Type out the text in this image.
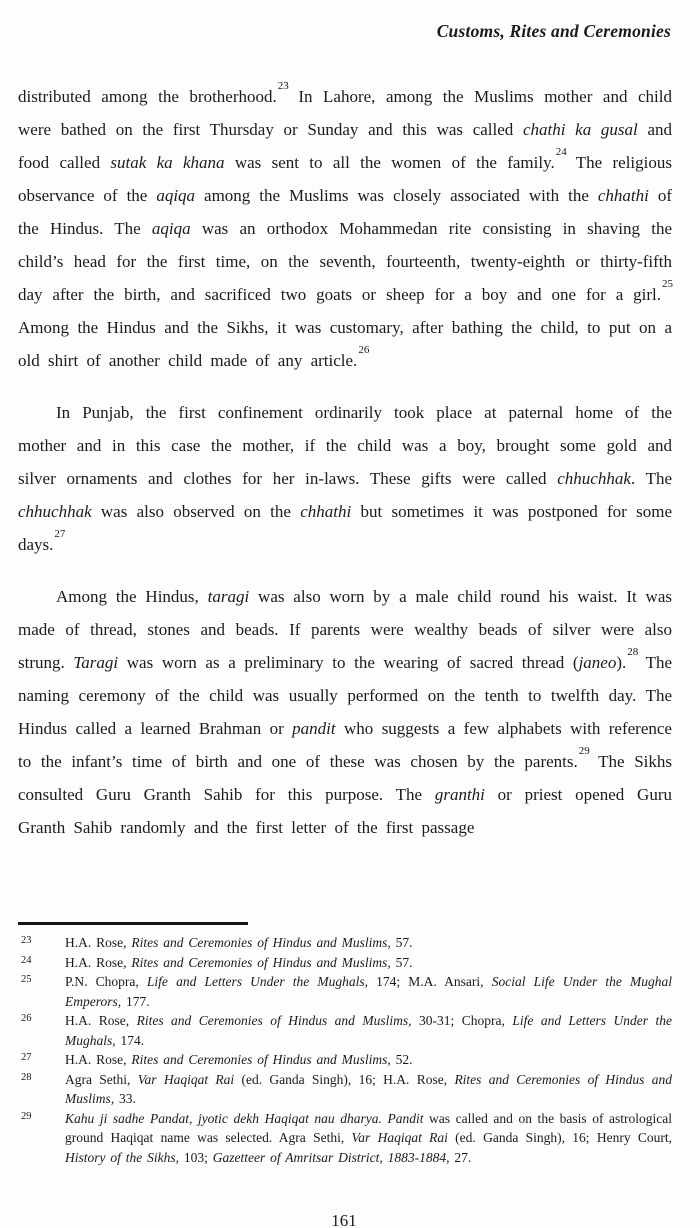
Customs, Rites and Ceremonies

distributed among the brotherhood.$^{23}$ In Lahore, among the Muslims mother and child were bathed on the first Thursday or Sunday and this was called chathi ka gusal and food called sutak ka khana was sent to all the women of the family.$^{24}$ The religious observance of the aqiqa among the Muslims was closely associated with the chhathi of the Hindus. The aqiqa was an orthodox Mohammedan rite consisting in shaving the child’s head for the first time, on the seventh, fourteenth, twenty-eighth or thirty-fifth day after the birth, and sacrificed two goats or sheep for a boy and one for a girl.$^{25}$ Among the Hindus and the Sikhs, it was customary, after bathing the child, to put on a old shirt of another child made of any article.$^{26}$

In Punjab, the first confinement ordinarily took place at paternal home of the mother and in this case the mother, if the child was a boy, brought some gold and silver ornaments and clothes for her in-laws. These gifts were called chhuchhak. The chhuchhak was also observed on the chhathi but sometimes it was postponed for some days.$^{27}$

Among the Hindus, taragi was also worn by a male child round his waist. It was made of thread, stones and beads. If parents were wealthy beads of silver were also strung. Taragi was worn as a preliminary to the wearing of sacred thread (janeo).$^{28}$ The naming ceremony of the child was usually performed on the tenth to twelfth day. The Hindus called a learned Brahman or pandit who suggests a few alphabets with reference to the infant’s time of birth and one of these was chosen by the parents.$^{29}$ The Sikhs consulted Guru Granth Sahib for this purpose. The granthi or priest opened Guru Granth Sahib randomly and the first letter of the first passage

23 H.A. Rose, Rites and Ceremonies of Hindus and Muslims, 57.
24 H.A. Rose, Rites and Ceremonies of Hindus and Muslims, 57.
25 P.N. Chopra, Life and Letters Under the Mughals, 174; M.A. Ansari, Social Life Under the Mughal Emperors, 177.
26 H.A. Rose, Rites and Ceremonies of Hindus and Muslims, 30-31; Chopra, Life and Letters Under the Mughals, 174.
27 H.A. Rose, Rites and Ceremonies of Hindus and Muslims, 52.
28 Agra Sethi, Var Haqiqat Rai (ed. Ganda Singh), 16; H.A. Rose, Rites and Ceremonies of Hindus and Muslims, 33.
29 Kahu ji sadhe Pandat, jyotic dekh Haqiqat nau dharya. Pandit was called and on the basis of astrological ground Haqiqat name was selected. Agra Sethi, Var Haqiqat Rai (ed. Ganda Singh), 16; Henry Court, History of the Sikhs, 103; Gazetteer of Amritsar District, 1883-1884, 27.
161
